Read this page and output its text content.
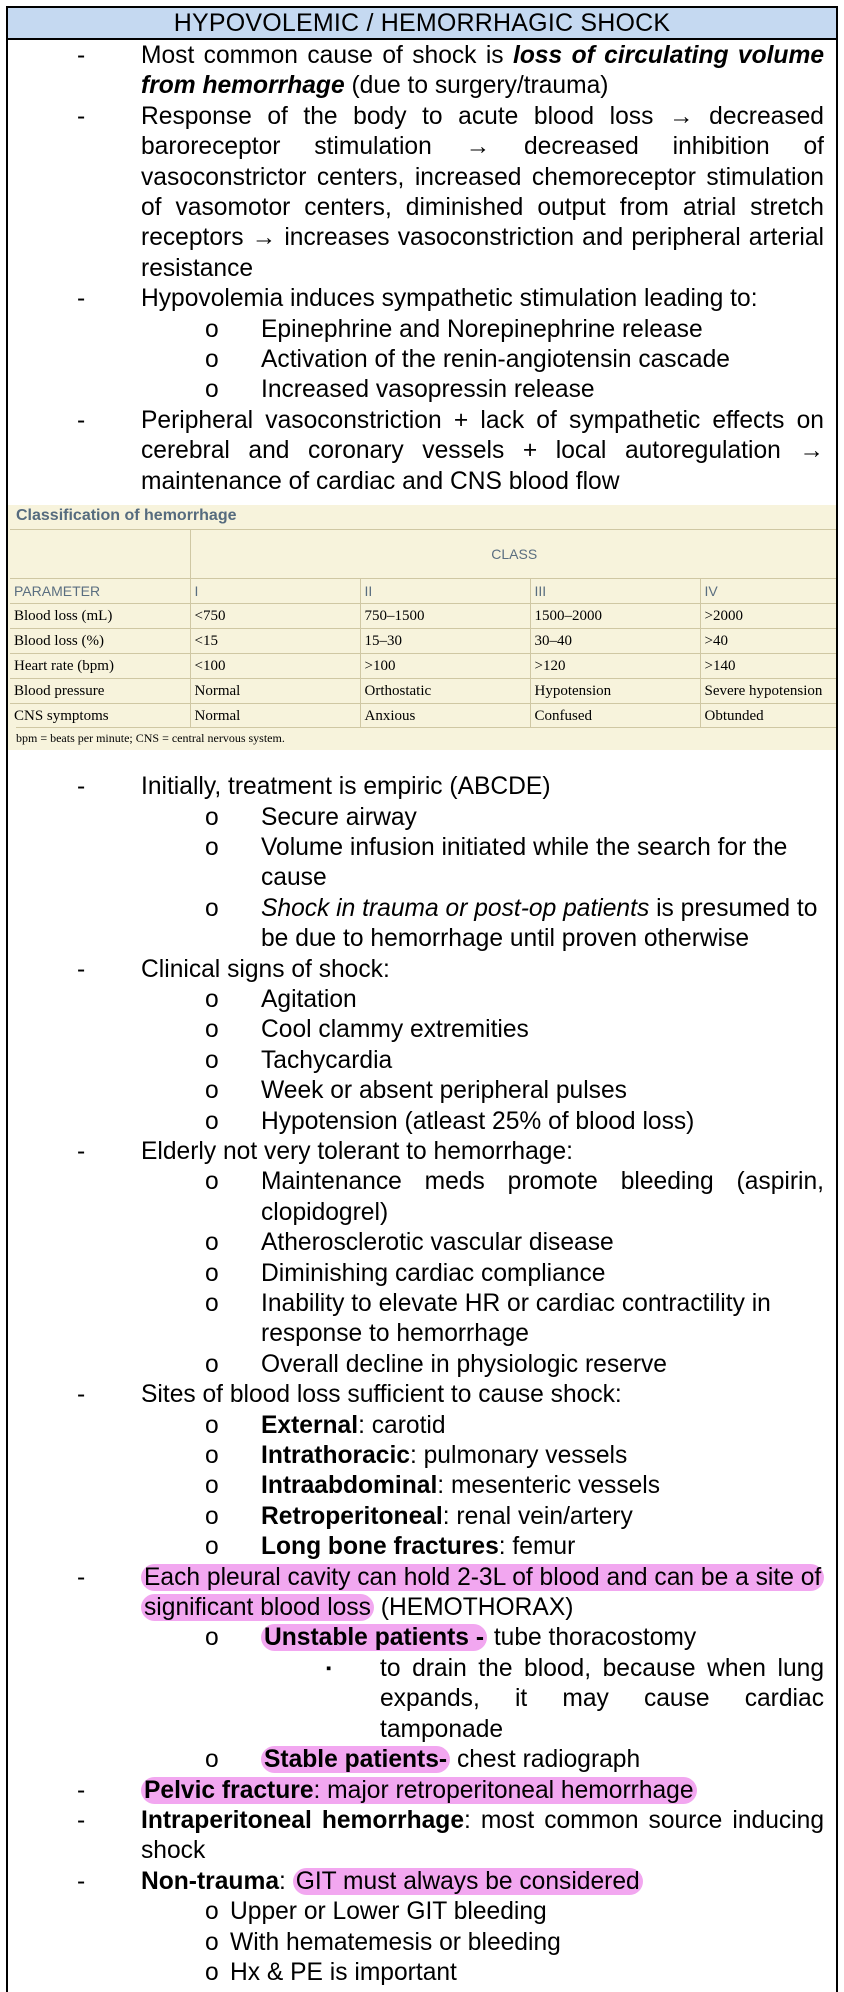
HYPOVOLEMIC / HEMORRHAGIC SHOCK
- Most common cause of shock is loss of circulating volume from hemorrhage (due to surgery/trauma)
- Response of the body to acute blood loss → decreased baroreceptor stimulation → decreased inhibition of vasoconstrictor centers, increased chemoreceptor stimulation of vasomotor centers, diminished output from atrial stretch receptors → increases vasoconstriction and peripheral arterial resistance
- Hypovolemia induces sympathetic stimulation leading to:
o Epinephrine and Norepinephrine release
o Activation of the renin-angiotensin cascade
o Increased vasopressin release
- Peripheral vasoconstriction + lack of sympathetic effects on cerebral and coronary vessels + local autoregulation → maintenance of cardiac and CNS blood flow
Classification of hemorrhage
	CLASS			
PARAMETER	I	II	III	IV
Blood loss (mL)	<750	750–1500	1500–2000	>2000
Blood loss (%)	<15	15–30	30–40	>40
Heart rate (bpm)	<100	>100	>120	>140
Blood pressure	Normal	Orthostatic	Hypotension	Severe hypotension
CNS symptoms	Normal	Anxious	Confused	Obtunded
bpm = beats per minute; CNS = central nervous system.
- Initially, treatment is empiric (ABCDE)
o Secure airway
o Volume infusion initiated while the search for the cause
o Shock in trauma or post-op patients is presumed to be due to hemorrhage until proven otherwise
- Clinical signs of shock:
o Agitation
o Cool clammy extremities
o Tachycardia
o Week or absent peripheral pulses
o Hypotension (atleast 25% of blood loss)
- Elderly not very tolerant to hemorrhage:
o Maintenance meds promote bleeding (aspirin, clopidogrel)
o Atherosclerotic vascular disease
o Diminishing cardiac compliance
o Inability to elevate HR or cardiac contractility in response to hemorrhage
o Overall decline in physiologic reserve
- Sites of blood loss sufficient to cause shock:
o External: carotid
o Intrathoracic: pulmonary vessels
o Intraabdominal: mesenteric vessels
o Retroperitoneal: renal vein/artery
o Long bone fractures: femur
- Each pleural cavity can hold 2-3L of blood and can be a site of significant blood loss (HEMOTHORAX)
o Unstable patients - tube thoracostomy
▪ to drain the blood, because when lung expands, it may cause cardiac tamponade
o Stable patients- chest radiograph
- Pelvic fracture: major retroperitoneal hemorrhage
- Intraperitoneal hemorrhage: most common source inducing shock
- Non-trauma: GIT must always be considered
o Upper or Lower GIT bleeding
o With hematemesis or bleeding
o Hx & PE is important
